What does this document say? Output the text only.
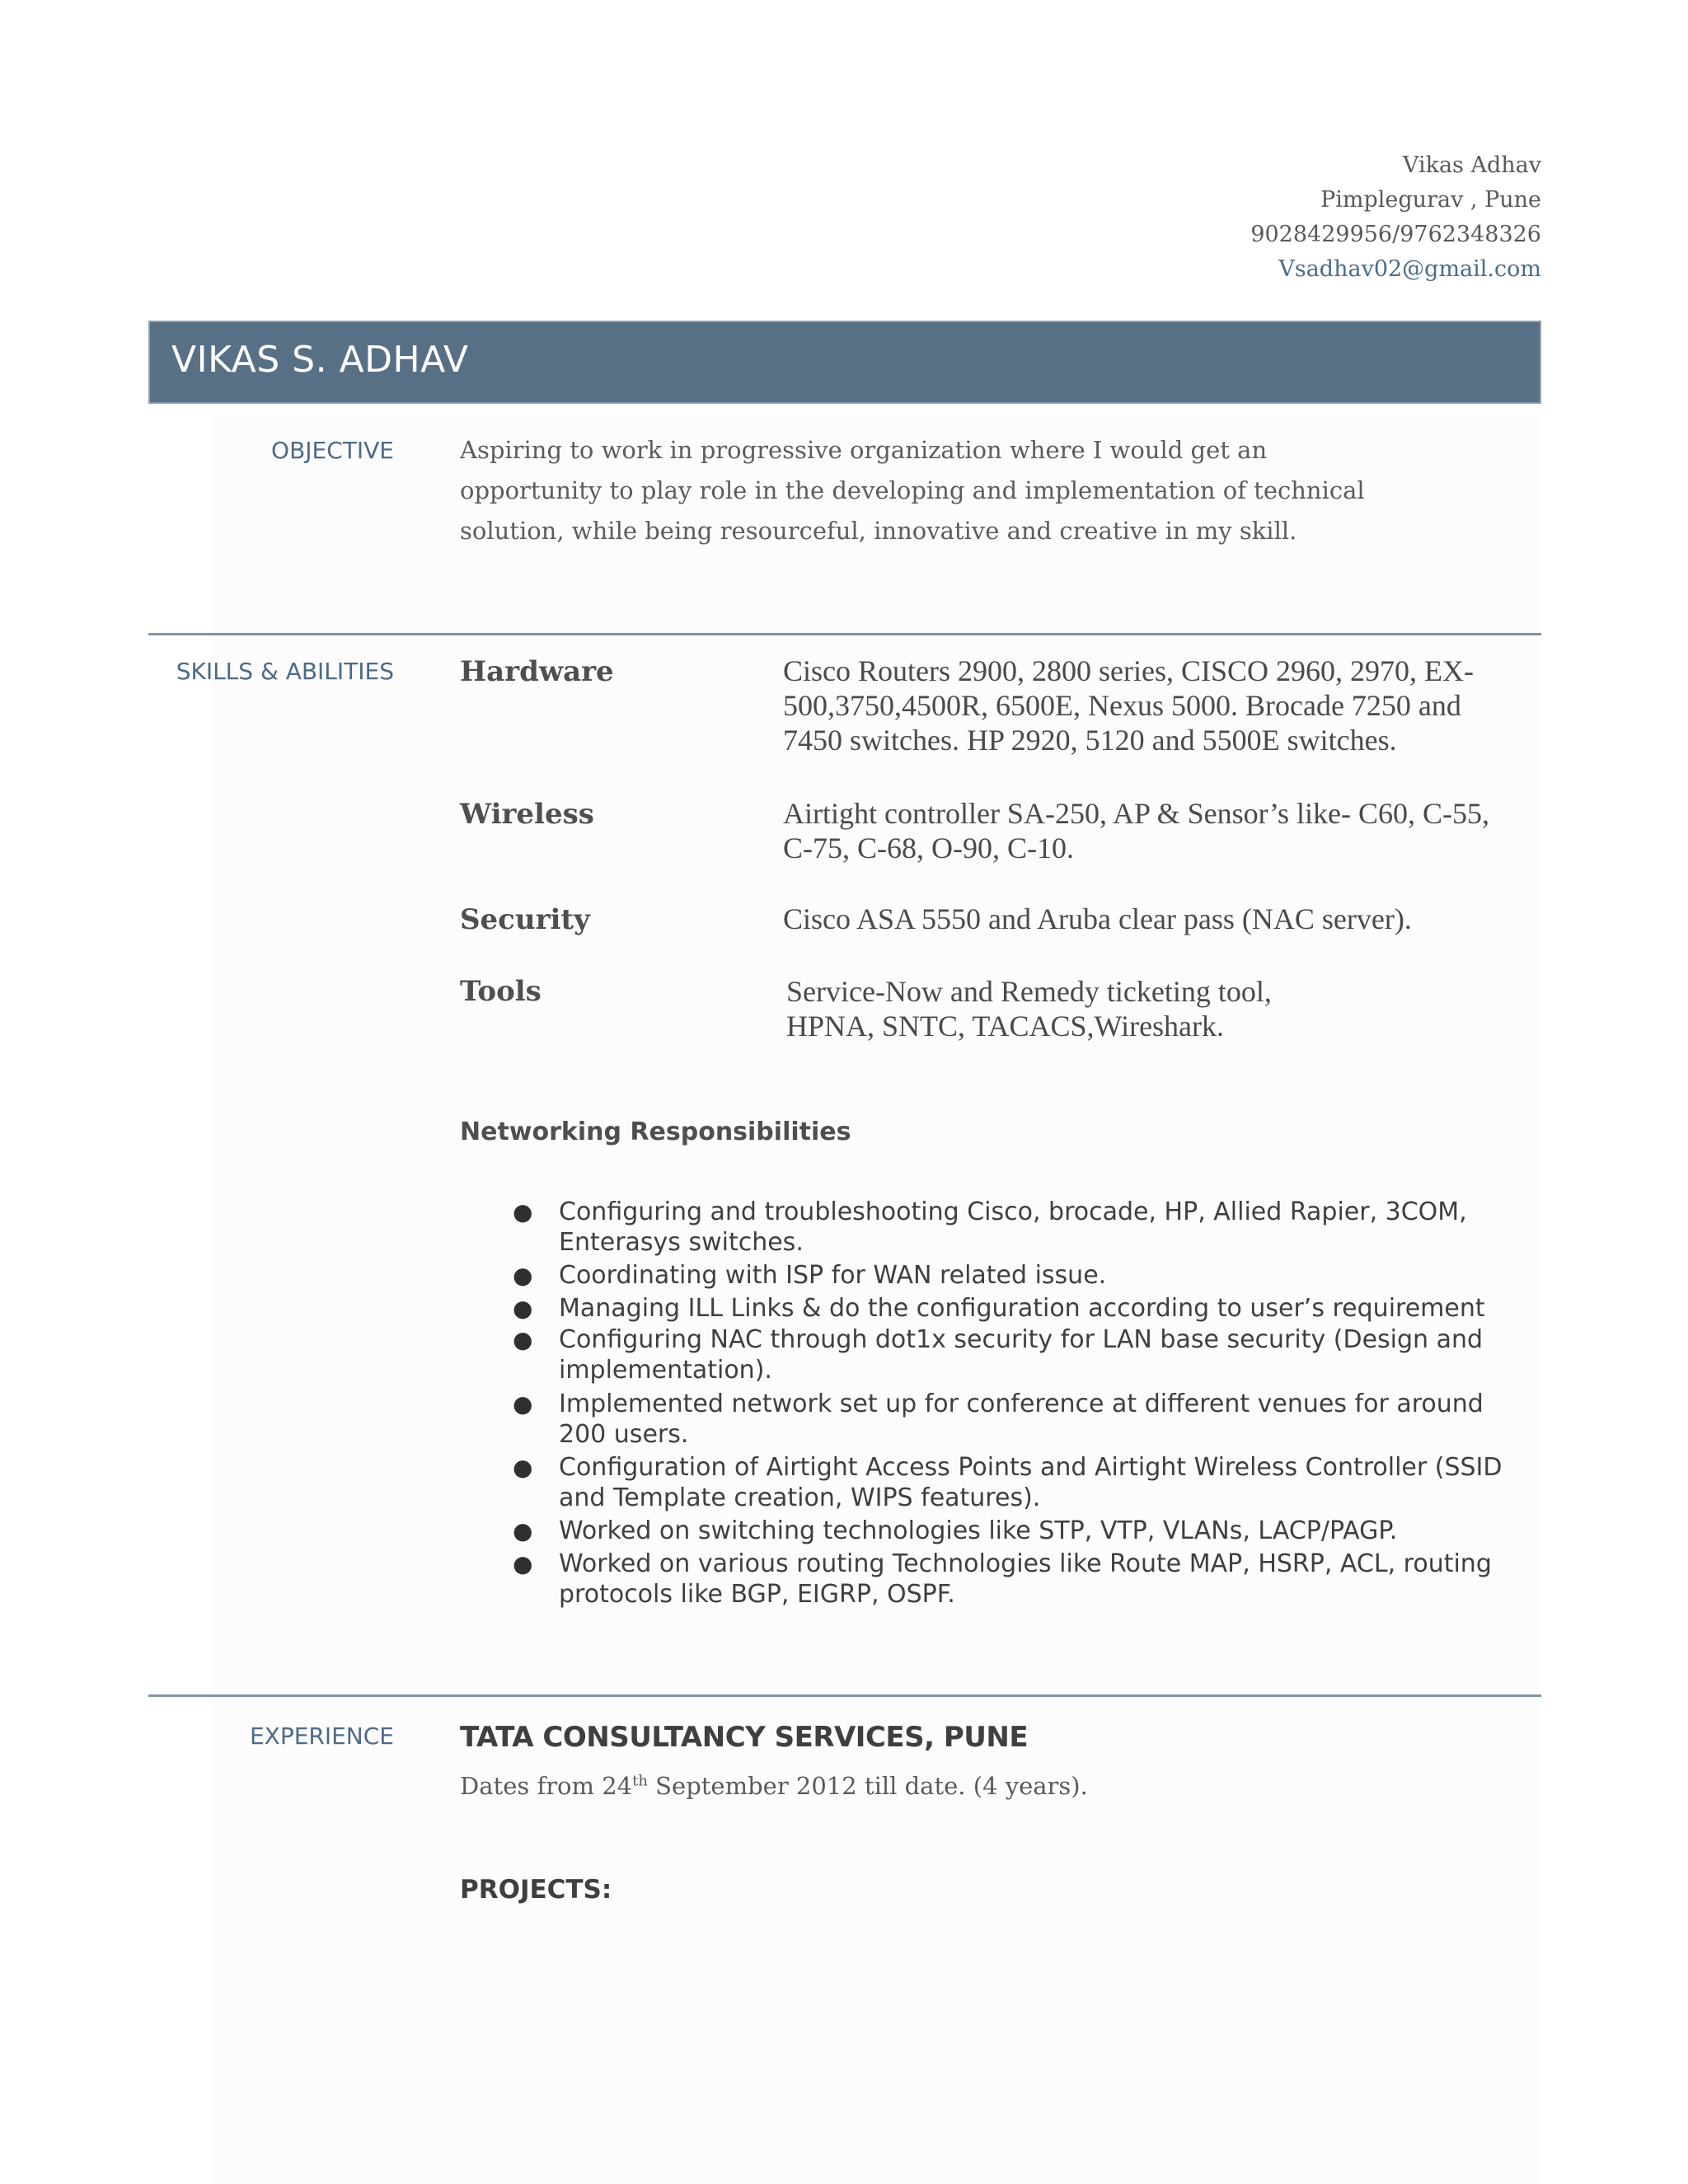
Vikas Adhav
Pimplegurav , Pune
9028429956/9762348326
Vsadhav02@gmail.com
VIKAS S. ADHAV
OBJECTIVE	Aspiring to work in progressive organization where I would get an
opportunity to play role in the developing and implementation of technical
solution, while being resourceful, innovative and creative in my skill.
SKILLS & ABILITIES Hardware	Cisco Routers 2900, 2800 series, CISCO 2960, 2970, EX-
500,3750,4500R, 6500E, Nexus 5000. Brocade 7250 and
7450 switches. HP 2920, 5120 and 5500E switches.
Wireless	Airtight controller SA-250, AP & Sensor’s like- C60, C-55,
C-75, C-68, O-90, C-10.
Security	Cisco ASA 5550 and Aruba clear pass (NAC server).
Tools	Service-Now and Remedy ticketing tool,
HPNA, SNTC, TACACS,Wireshark.
Networking Responsibilities
● Configuring and troubleshooting Cisco, brocade, HP, Allied Rapier, 3COM,
Enterasys switches.
● Coordinating with ISP for WAN related issue.
● Managing ILL Links & do the configuration according to user’s requirement
● Configuring NAC through dot1x security for LAN base security (Design and
implementation).
● Implemented network set up for conference at different venues for around
200 users.
● Configuration of Airtight Access Points and Airtight Wireless Controller (SSID
and Template creation, WIPS features).
● Worked on switching technologies like STP, VTP, VLANs, LACP/PAGP.
● Worked on various routing Technologies like Route MAP, HSRP, ACL, routing
protocols like BGP, EIGRP, OSPF.
EXPERIENCE TATA CONSULTANCY SERVICES, PUNE
Dates from 24th September 2012 till date. (4 years).
PROJECTS:
